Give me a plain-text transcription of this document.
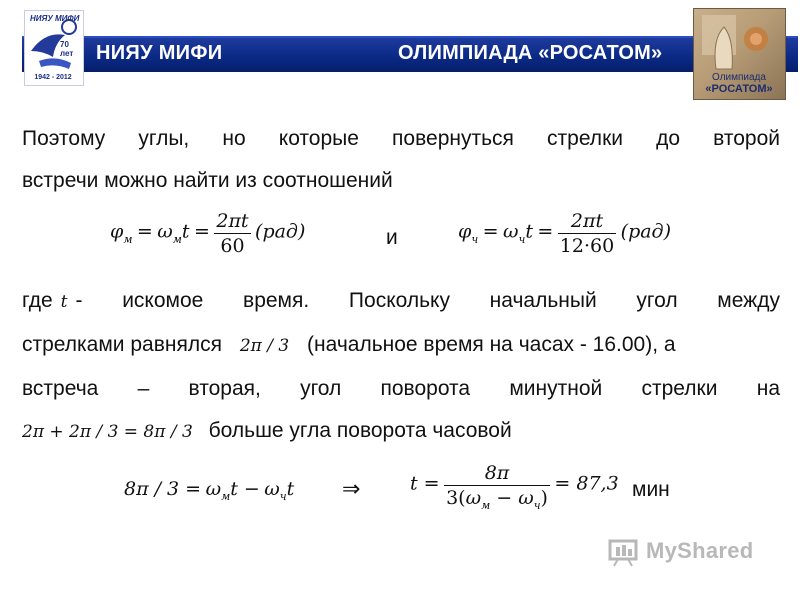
НИЯУ МИФИ	ОЛИМПИАДА «РОСАТОМ»
НИЯУ МИФИ
70 лет
1942 - 2012	Олимпиада
«РОСАТОМ»
Поэтому углы, но которые повернуться стрелки до второй
встречи можно найти из соотношений
$\varphi_м = \omega_мt = \frac{2\pi t}{60} (рад)$	и	$\varphi_ч = \omega_чt = \frac{2\pi t}{12\cdot 60} (рад)$
где t - искомое время. Поскольку начальный угол между
стрелками равнялся 2π / 3 (начальное время на часах - 16.00), а
встреча – вторая, угол поворота минутной стрелки на
2π + 2π / 3 = 8π / 3 больше угла поворота часовой
$8\pi / 3 = \omega_мt - \omega_чt$ ⇒	$t = \frac{8\pi}{3(\omega_м - \omega_ч)} = 87,3$ мин
MyShared
